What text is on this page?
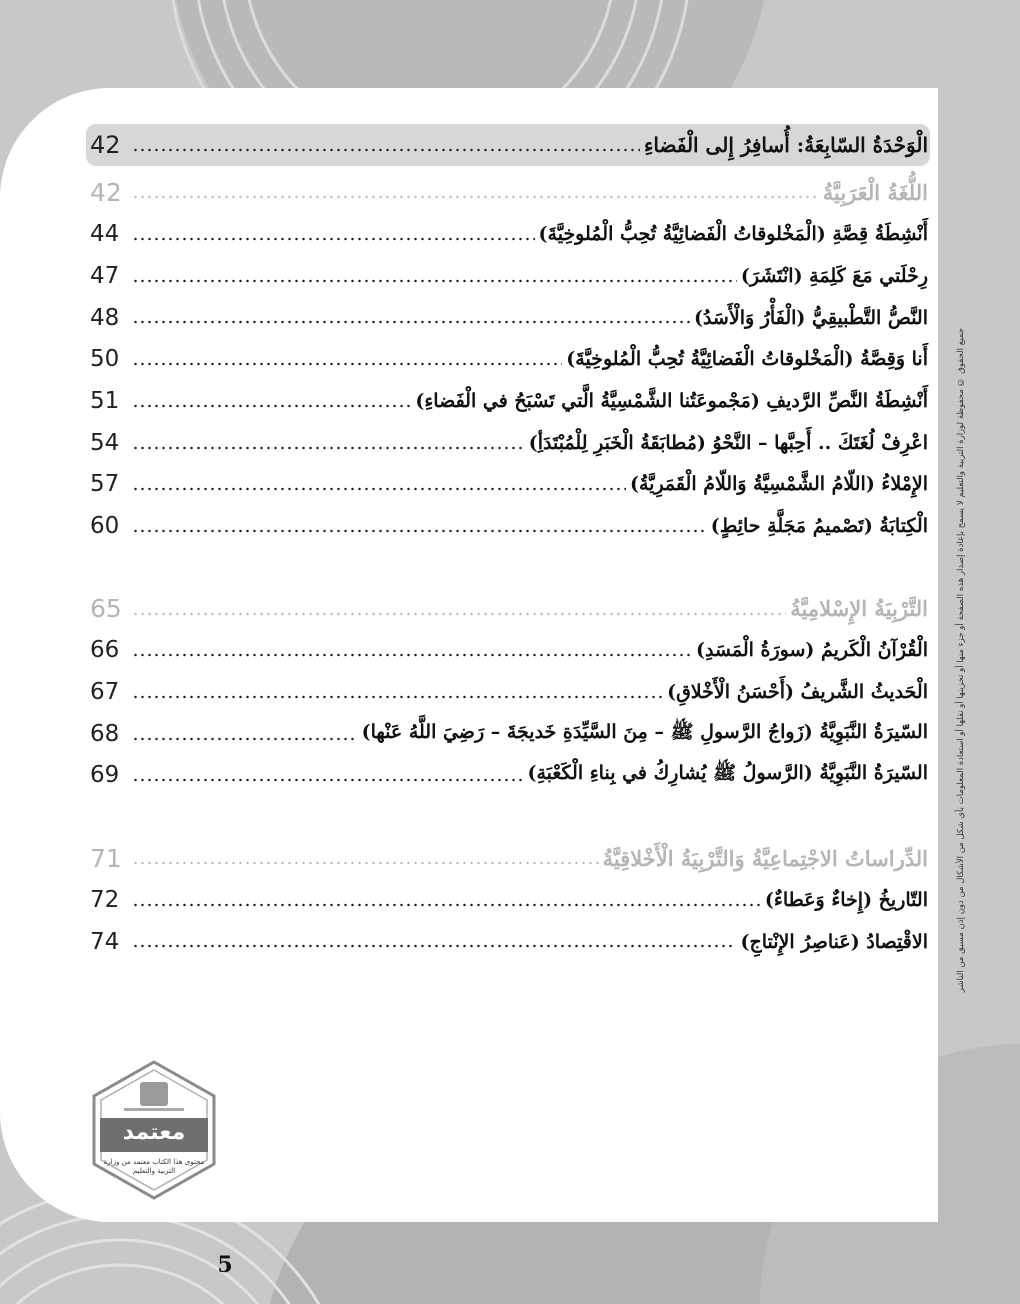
42	الْوَحْدَةُ السّابِعَةُ: أُسافِرُ إِلى الْفَضاءِ
42	اللُّغَةُ الْعَرَبِيَّةُ
44	أَنْشِطَةُ قِصَّةِ (الْمَخْلوقاتُ الْفَضائِيَّةُ تُحِبُّ الْمُلوخِيَّةَ)
47	رِحْلَتي مَعَ كَلِمَةِ (انْتَشَرَ)
48	النَّصُّ التَّطْبيقِيُّ (الْفَأْرُ وَالْأَسَدُ)
50	أَنا وَقِصَّةُ (الْمَخْلوقاتُ الْفَضائِيَّةُ تُحِبُّ الْمُلوخِيَّةَ)
51	أَنْشِطَةُ النَّصِّ الرَّديفِ (مَجْموعَتُنا الشَّمْسِيَّةُ الَّتي تَسْبَحُ في الْفَضاءِ)
54	اعْرِفْ لُغَتَكَ .. أَحِبَّها – النَّحْوُ (مُطابَقَةُ الْخَبَرِ لِلْمُبْتَدَأِ)
57	الإِمْلاءُ (اللّامُ الشَّمْسِيَّةُ وَاللّامُ الْقَمَرِيَّةُ)
60	الْكِتابَةُ (تَصْميمُ مَجَلَّةِ حائِطٍ)
65	التَّرْبِيَةُ الإِسْلامِيَّةُ
66	الْقُرْآنُ الْكَريمُ (سورَةُ الْمَسَدِ)
67	الْحَديثُ الشَّريفُ (أَحْسَنُ الْأَخْلاقِ)
68	السّيرَةُ النَّبَوِيَّةُ (زَواجُ الرَّسولِ ﷺ – مِنَ السَّيِّدَةِ خَديجَةَ – رَضِيَ اللَّهُ عَنْها)
69	السّيرَةُ النَّبَوِيَّةُ (الرَّسولُ ﷺ يُشارِكُ في بِناءِ الْكَعْبَةِ)
71	الدِّراساتُ الاجْتِماعِيَّةُ وَالتَّرْبِيَةُ الْأَخْلاقِيَّةُ
72	التّاريخُ (إِخاءٌ وَعَطاءٌ)
74	الاقْتِصادُ (عَناصِرُ الإِنْتاجِ)	جميع الحقوق © محفوظة لوزارة التربية والتعليم لا يسمح بإعادة إصدار هذه الصفحة أو جزء منها أو تخزينها أو نقلها أو استعادة المعلومات بأي شكل من الأشكال من دون إذن مسبق من الناشر
معتمد
محتوى هذا الكتاب معتمد من وزارة التربية والتعليم
5
